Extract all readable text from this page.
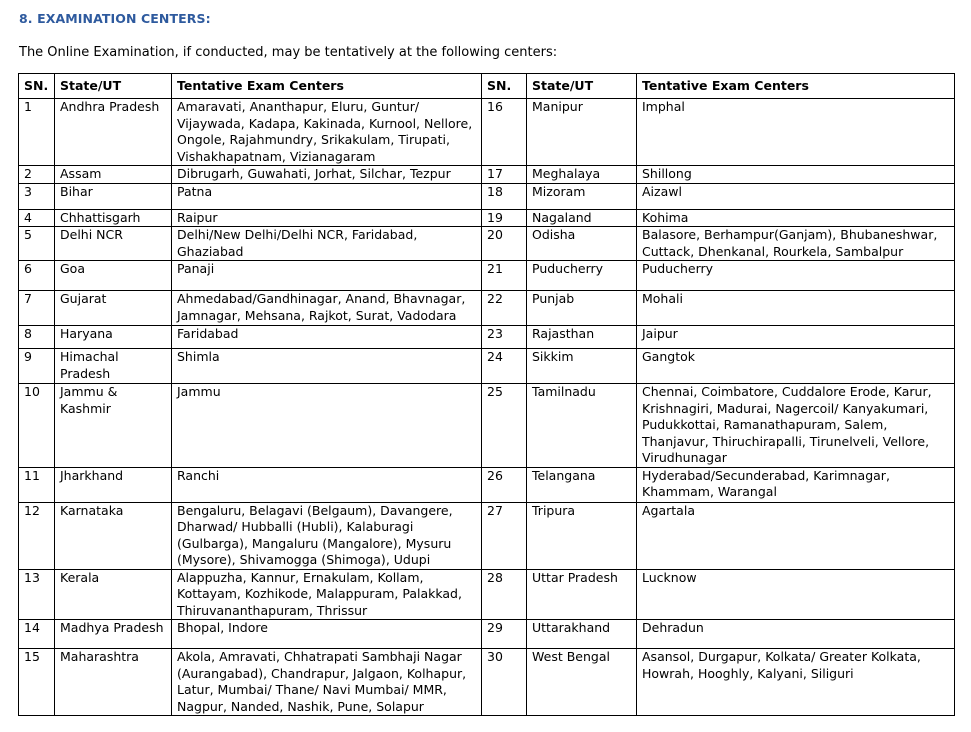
8. EXAMINATION CENTERS:
The Online Examination, if conducted, may be tentatively at the following centers:
SN.	State/UT	Tentative Exam Centers	SN.	State/UT	Tentative Exam Centers
1	Andhra Pradesh	Amaravati, Ananthapur, Eluru, Guntur/ Vijaywada, Kadapa, Kakinada, Kurnool, Nellore, Ongole, Rajahmundry, Srikakulam, Tirupati, Vishakhapatnam, Vizianagaram	16	Manipur	Imphal
2	Assam	Dibrugarh, Guwahati, Jorhat, Silchar, Tezpur	17	Meghalaya	Shillong
3	Bihar	Patna	18	Mizoram	Aizawl
4	Chhattisgarh	Raipur	19	Nagaland	Kohima
5	Delhi NCR	Delhi/New Delhi/Delhi NCR, Faridabad, Ghaziabad	20	Odisha	Balasore, Berhampur(Ganjam), Bhubaneshwar, Cuttack, Dhenkanal, Rourkela, Sambalpur
6	Goa	Panaji	21	Puducherry	Puducherry
7	Gujarat	Ahmedabad/Gandhinagar, Anand, Bhavnagar, Jamnagar, Mehsana, Rajkot, Surat, Vadodara	22	Punjab	Mohali
8	Haryana	Faridabad	23	Rajasthan	Jaipur
9	Himachal Pradesh	Shimla	24	Sikkim	Gangtok
10	Jammu & Kashmir	Jammu	25	Tamilnadu	Chennai, Coimbatore, Cuddalore Erode, Karur, Krishnagiri, Madurai, Nagercoil/ Kanyakumari, Pudukkottai, Ramanathapuram, Salem, Thanjavur, Thiruchirapalli, Tirunelveli, Vellore, Virudhunagar
11	Jharkhand	Ranchi	26	Telangana	Hyderabad/Secunderabad, Karimnagar, Khammam, Warangal
12	Karnataka	Bengaluru, Belagavi (Belgaum), Davangere, Dharwad/ Hubballi (Hubli), Kalaburagi (Gulbarga), Mangaluru (Mangalore), Mysuru (Mysore), Shivamogga (Shimoga), Udupi	27	Tripura	Agartala
13	Kerala	Alappuzha, Kannur, Ernakulam, Kollam, Kottayam, Kozhikode, Malappuram, Palakkad, Thiruvananthapuram, Thrissur	28	Uttar Pradesh	Lucknow
14	Madhya Pradesh	Bhopal, Indore	29	Uttarakhand	Dehradun
15	Maharashtra	Akola, Amravati, Chhatrapati Sambhaji Nagar (Aurangabad), Chandrapur, Jalgaon, Kolhapur, Latur, Mumbai/ Thane/ Navi Mumbai/ MMR, Nagpur, Nanded, Nashik, Pune, Solapur	30	West Bengal	Asansol, Durgapur, Kolkata/ Greater Kolkata, Howrah, Hooghly, Kalyani, Siliguri
